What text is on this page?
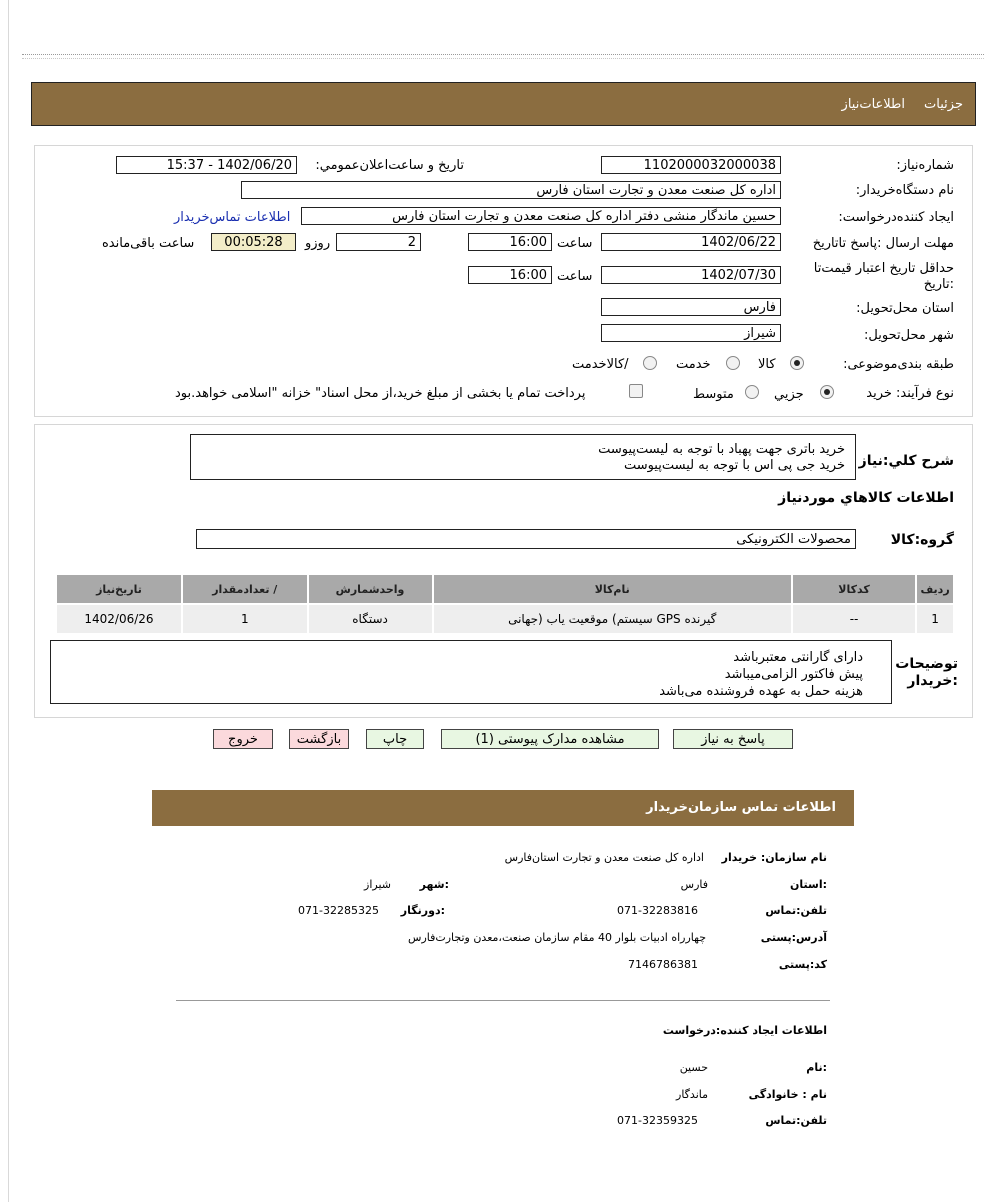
جزئيات
اطلاعات‌نیاز
شماره‌نیاز:
1102000032000038
تاریخ و ساعت‌اعلان‌عمومي:
1402/06/20 - 15:37
نام دستگاه‌خریدار:
اداره کل صنعت معدن و تجارت استان فارس
ایجاد کننده‌درخواست:
حسین ماندگار منشی دفتر اداره کل صنعت معدن و تجارت استان فارس
اطلاعات تماس‌خریدار
مهلت ارسال :پاسخ تا‌تاریخ
1402/06/22
ساعت
16:00
2
روزو
00:05:28
ساعت باقی‌مانده
حداقل تاریخ اعتبار قیمت‌تا :تاریخ
1402/07/30
ساعت
16:00
استان محل‌تحویل:
فارس
شهر محل‌تحویل:
شیراز
طبقه بندی‌موضوعی:
کالا
خدمت
/کالاخدمت
نوع فرآیند: خرید
جزیي
متوسط
پرداخت تمام یا بخشی از مبلغ خرید،از محل اسناد" خزانه "اسلامی خواهد.بود
شرح کلي:نیاز
خرید باتری جهت پهباد با توجه به لیست‌پیوست
خرید جی پی اس با توجه به لیست‌پیوست
اطلاعات کالاهاي مورد‌نیاز
گروه:کالا
محصولات الکترونیکی
ردیف	کدکالا	نام‌کالا	واحدشمارش	/ تعدادمقدار	تاریخ‌نیاز
1	--	گیرنده GPS سیستم) موقعیت یاب (جهانی	دستگاه	1	1402/06/26
توضیحات :خریدار
دارای گارانتی معتبرباشد
پیش فاکتور الزامی‌میباشد
هزینه حمل به عهده فروشنده می‌باشد
پاسخ به نیاز
مشاهده مدارک پیوستی (1)
چاپ
بازگشت
خروج
اطلاعات تماس سازمان‌خریدار
نام سازمان: خریدار
اداره کل صنعت معدن و تجارت استان‌فارس
:استان
فارس
:شهر
شیراز
تلفن:تماس
071-32283816
:دورنگار
071-32285325
آدرس:پستی
چهارراه ادبیات بلوار 40 مقام سازمان صنعت،معدن وتجارت‌فارس
کد:پستی
7146786381
اطلاعات ایجاد کننده:درخواست
:نام
حسین
نام : خانوادگی
ماندگار
تلفن:تماس
071-32359325
